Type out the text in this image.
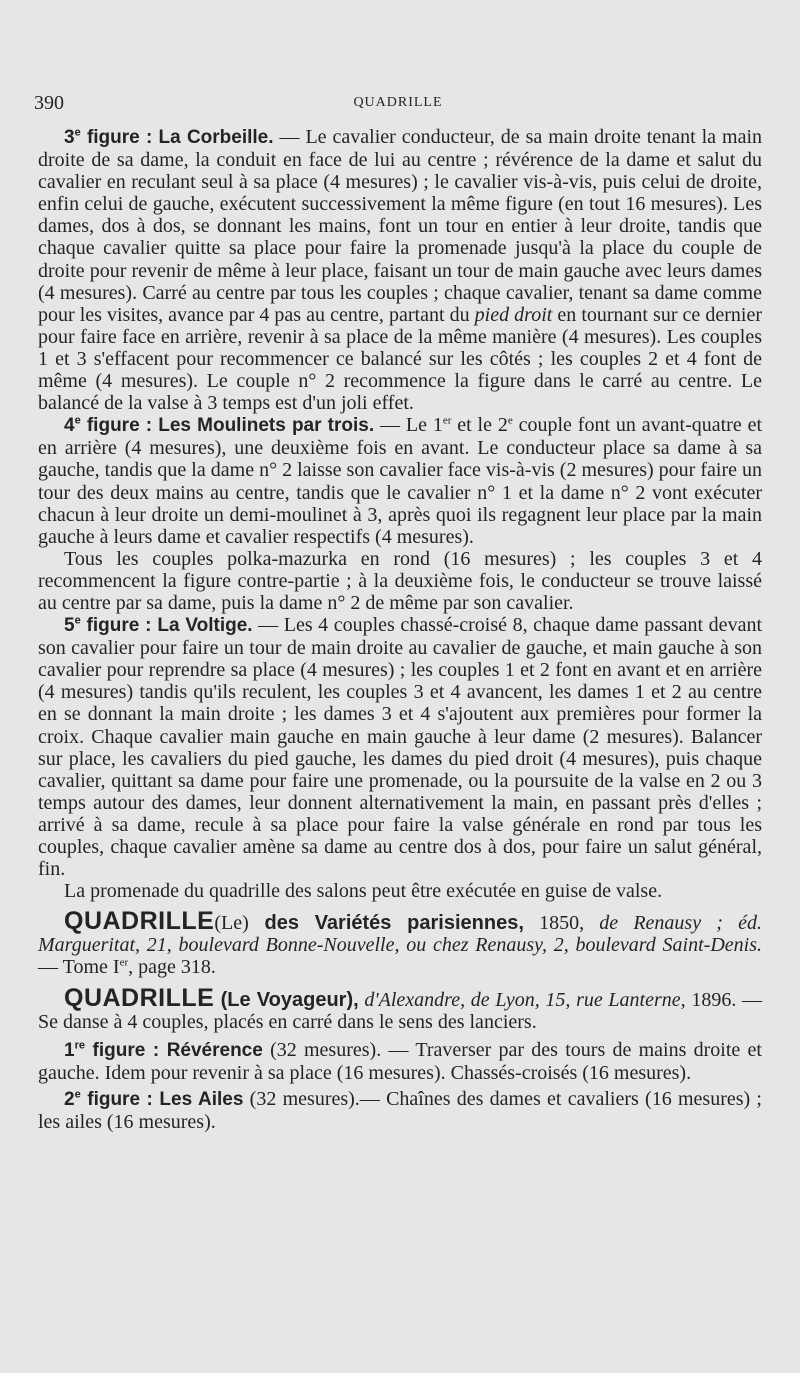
390	QUADRILLE

3e figure : La Corbeille. — Le cavalier conducteur, de sa main droite tenant la main droite de sa dame, la conduit en face de lui au centre ; révérence de la dame et salut du cavalier en reculant seul à sa place (4 mesures) ; le cavalier vis-à-vis, puis celui de droite, enfin celui de gauche, exécutent successivement la même figure (en tout 16 mesures). Les dames, dos à dos, se donnant les mains, font un tour en entier à leur droite, tandis que chaque cavalier quitte sa place pour faire la promenade jusqu'à la place du couple de droite pour revenir de même à leur place, faisant un tour de main gauche avec leurs dames (4 mesures). Carré au centre par tous les couples ; chaque cavalier, tenant sa dame comme pour les visites, avance par 4 pas au centre, partant du pied droit en tournant sur ce dernier pour faire face en arrière, revenir à sa place de la même manière (4 mesures). Les couples 1 et 3 s'effacent pour recommencer ce balancé sur les côtés ; les couples 2 et 4 font de même (4 mesures). Le couple n° 2 recommence la figure dans le carré au centre. Le balancé de la valse à 3 temps est d'un joli effet.

4e figure : Les Moulinets par trois. — Le 1er et le 2e couple font un avant-quatre et en arrière (4 mesures), une deuxième fois en avant. Le conducteur place sa dame à sa gauche, tandis que la dame n° 2 laisse son cavalier face vis-à-vis (2 mesures) pour faire un tour des deux mains au centre, tandis que le cavalier n° 1 et la dame n° 2 vont exécuter chacun à leur droite un demi-moulinet à 3, après quoi ils regagnent leur place par la main gauche à leurs dame et cavalier respectifs (4 mesures).

Tous les couples polka-mazurka en rond (16 mesures) ; les couples 3 et 4 recommencent la figure contre-partie ; à la deuxième fois, le conducteur se trouve laissé au centre par sa dame, puis la dame n° 2 de même par son cavalier.

5e figure : La Voltige. — Les 4 couples chassé-croisé 8, chaque dame passant devant son cavalier pour faire un tour de main droite au cavalier de gauche, et main gauche à son cavalier pour reprendre sa place (4 mesures) ; les couples 1 et 2 font en avant et en arrière (4 mesures) tandis qu'ils reculent, les couples 3 et 4 avancent, les dames 1 et 2 au centre en se donnant la main droite ; les dames 3 et 4 s'ajoutent aux premières pour former la croix. Chaque cavalier main gauche en main gauche à leur dame (2 mesures). Balancer sur place, les cavaliers du pied gauche, les dames du pied droit (4 mesures), puis chaque cavalier, quittant sa dame pour faire une promenade, ou la poursuite de la valse en 2 ou 3 temps autour des dames, leur donnent alternativement la main, en passant près d'elles ; arrivé à sa dame, recule à sa place pour faire la valse générale en rond par tous les couples, chaque cavalier amène sa dame au centre dos à dos, pour faire un salut général, fin.

La promenade du quadrille des salons peut être exécutée en guise de valse.

QUADRILLE(Le) des Variétés parisiennes, 1850, de Renausy ; éd. Margueritat, 21, boulevard Bonne-Nouvelle, ou chez Renausy, 2, boulevard Saint-Denis. — Tome Ier, page 318.

QUADRILLE (Le Voyageur), d'Alexandre, de Lyon, 15, rue Lanterne, 1896. — Se danse à 4 couples, placés en carré dans le sens des lanciers.

1re figure : Révérence (32 mesures). — Traverser par des tours de mains droite et gauche. Idem pour revenir à sa place (16 mesures). Chassés-croisés (16 mesures).

2e figure : Les Ailes (32 mesures).— Chaînes des dames et cavaliers (16 mesures) ; les ailes (16 mesures).
